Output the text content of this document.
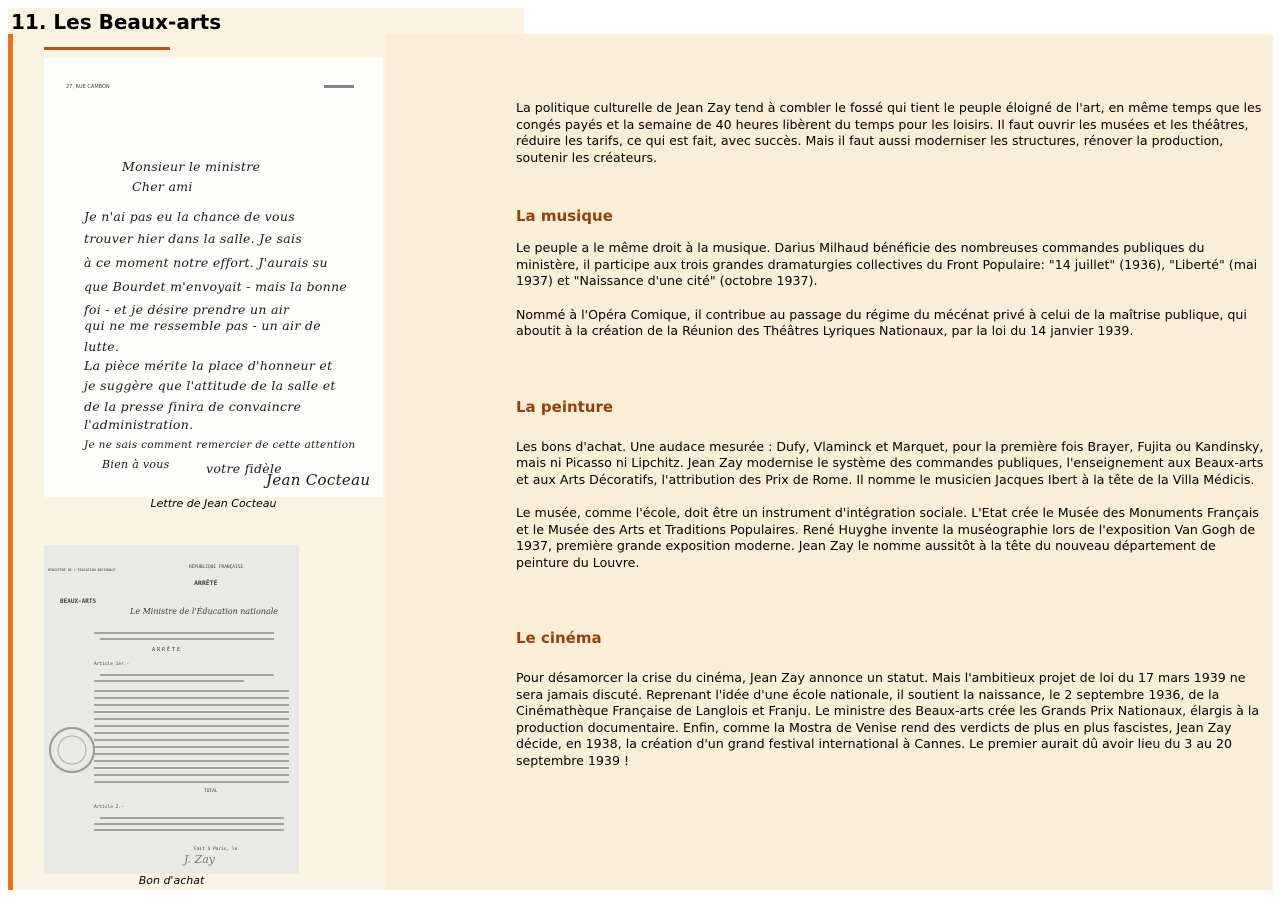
11. Les Beaux-arts
27, RUE CAMBON
Monsieur le ministre
Cher ami
Je n'ai pas eu la chance de vous
trouver hier dans la salle. Je sais
à ce moment notre effort. J'aurais su
que Bourdet m'envoyait - mais la bonne
foi - et je désire prendre un air
qui ne me ressemble pas - un air de
lutte.
La pièce mérite la place d'honneur et
je suggère que l'attitude de la salle et
de la presse finira de convaincre
l'administration.
Je ne sais comment remercier de cette attention
Bien à vous	votre fidèle
Jean Cocteau
Lettre de Jean Cocteau
RÉPUBLIQUE FRANÇAISE
MINISTÈRE DE L'ÉDUCATION NATIONALE
BEAUX-ARTS
ARRÊTÉ
Le Ministre de l'Éducation nationale
ARRÊTE
Article 1er.-
Article 2.-
TOTAL
Fait à Paris, le
J. Zay
Bon d'achat

La politique culturelle de Jean Zay tend à combler le fossé qui tient le peuple éloigné de l'art, en même temps que les congés payés et la semaine de 40 heures libèrent du temps pour les loisirs. Il faut ouvrir les musées et les théâtres, réduire les tarifs, ce qui est fait, avec succès. Mais il faut aussi moderniser les structures, rénover la production, soutenir les créateurs.

La musique

Le peuple a le même droit à la musique. Darius Milhaud bénéficie des nombreuses commandes publiques du ministère, il participe aux trois grandes dramaturgies collectives du Front Populaire: "14 juillet" (1936), "Liberté" (mai 1937) et "Naissance d'une cité" (octobre 1937).

Nommé à l'Opéra Comique, il contribue au passage du régime du mécénat privé à celui de la maîtrise publique, qui aboutit à la création de la Réunion des Théâtres Lyriques Nationaux, par la loi du 14 janvier 1939.

La peinture

Les bons d'achat. Une audace mesurée : Dufy, Vlaminck et Marquet, pour la première fois Brayer, Fujita ou Kandinsky, mais ni Picasso ni Lipchitz. Jean Zay modernise le système des commandes publiques, l'enseignement aux Beaux-arts et aux Arts Décoratifs, l'attribution des Prix de Rome. Il nomme le musicien Jacques Ibert à la tête de la Villa Médicis.

Le musée, comme l'école, doit être un instrument d'intégration sociale. L'Etat crée le Musée des Monuments Français et le Musée des Arts et Traditions Populaires. René Huyghe invente la muséographie lors de l'exposition Van Gogh de 1937, première grande exposition moderne. Jean Zay le nomme aussitôt à la tête du nouveau département de peinture du Louvre.

Le cinéma

Pour désamorcer la crise du cinéma, Jean Zay annonce un statut. Mais l'ambitieux projet de loi du 17 mars 1939 ne sera jamais discuté. Reprenant l'idée d'une école nationale, il soutient la naissance, le 2 septembre 1936, de la Cinémathèque Française de Langlois et Franju. Le ministre des Beaux-arts crée les Grands Prix Nationaux, élargis à la production documentaire. Enfin, comme la Mostra de Venise rend des verdicts de plus en plus fascistes, Jean Zay décide, en 1938, la création d'un grand festival international à Cannes. Le premier aurait dû avoir lieu du 3 au 20 septembre 1939 !
